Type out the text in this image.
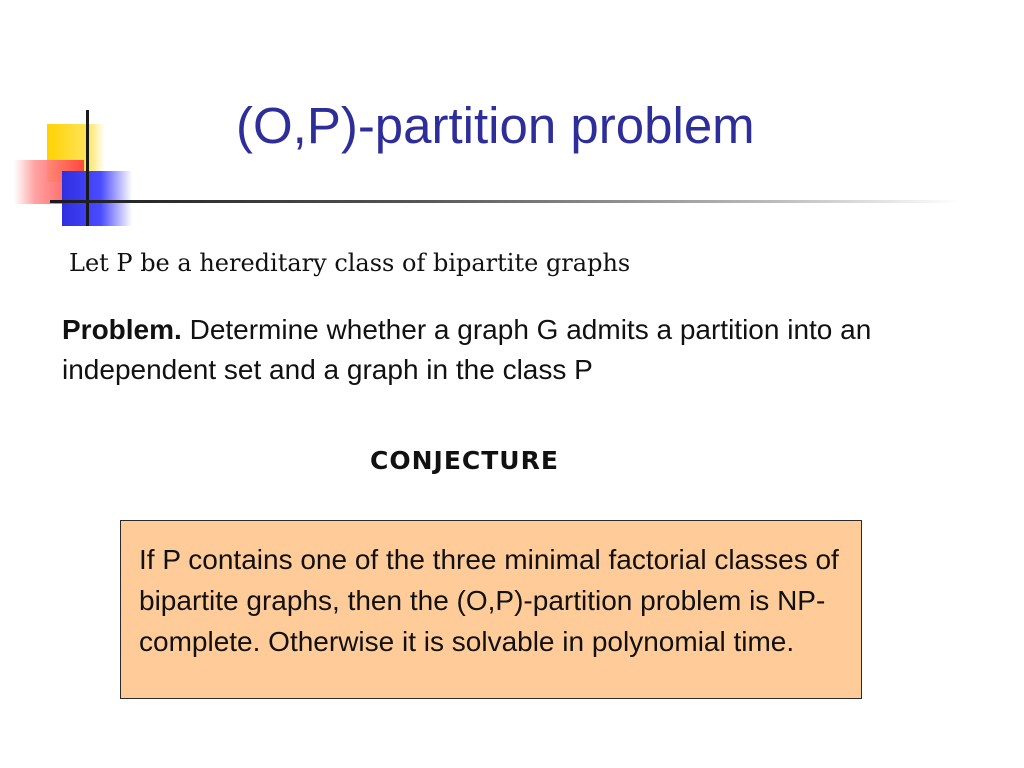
(O,P)-partition problem

Let P be a hereditary class of bipartite graphs

Problem. Determine whether a graph G admits a partition into an independent set and a graph in the class P

CONJECTURE

If P contains one of the three minimal factorial classes of bipartite graphs, then the (O,P)-partition problem is NP-complete. Otherwise it is solvable in polynomial time.
